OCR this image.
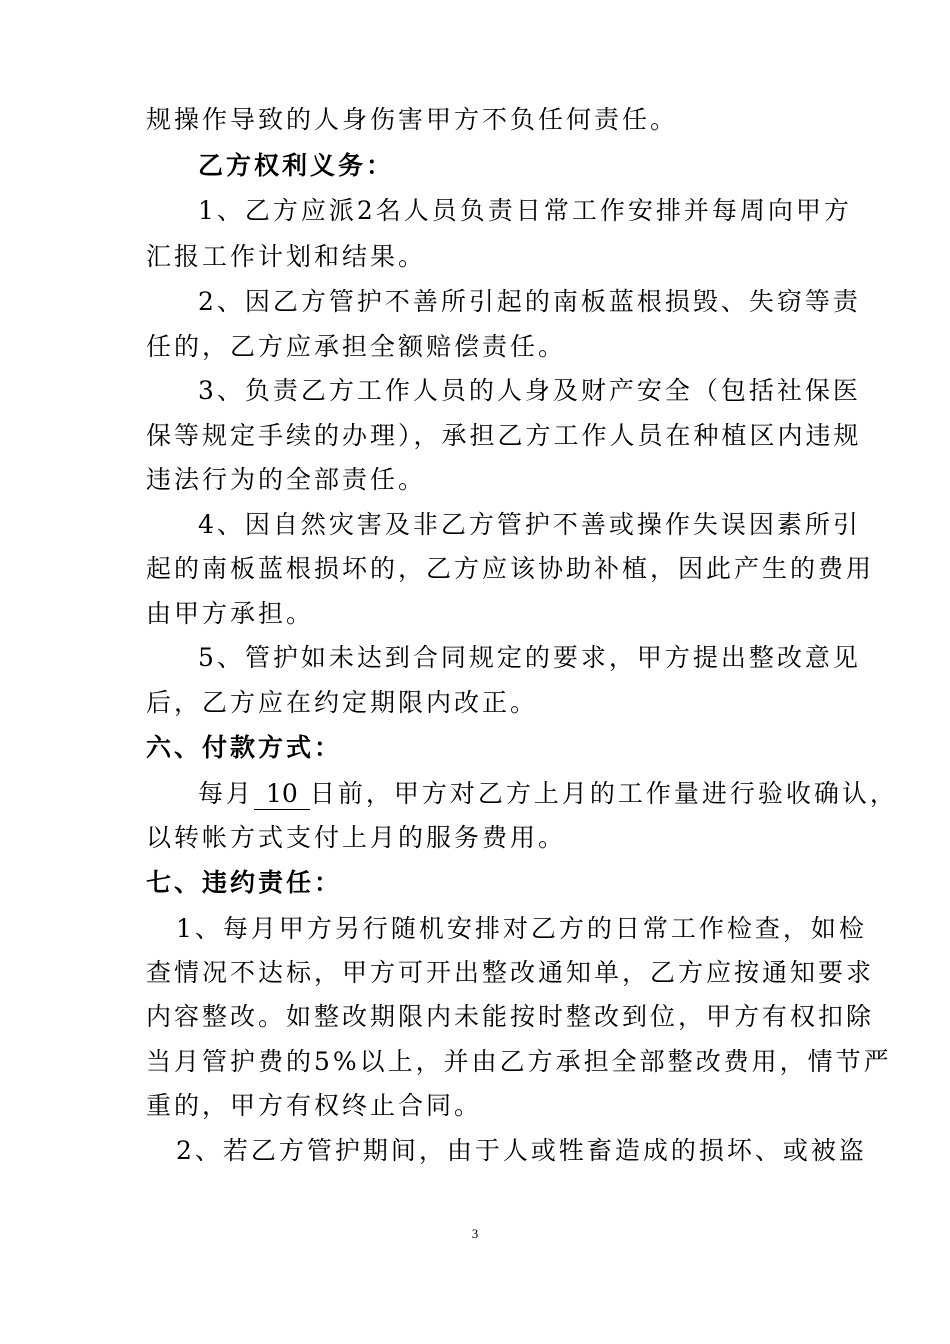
规操作导致的人身伤害甲方不负任何责任。
乙方权利义务：
1、乙方应派2名人员负责日常工作安排并每周向甲方
汇报工作计划和结果。
2、因乙方管护不善所引起的南板蓝根损毁、失窃等责
任的，乙方应承担全额赔偿责任。
3、负责乙方工作人员的人身及财产安全（包括社保医
保等规定手续的办理），承担乙方工作人员在种植区内违规
违法行为的全部责任。
4、因自然灾害及非乙方管护不善或操作失误因素所引
起的南板蓝根损坏的，乙方应该协助补植，因此产生的费用
由甲方承担。
5、管护如未达到合同规定的要求，甲方提出整改意见
后，乙方应在约定期限内改正。
六、付款方式：
每月 10 日前，甲方对乙方上月的工作量进行验收确认，
以转帐方式支付上月的服务费用。
七、违约责任：
1、每月甲方另行随机安排对乙方的日常工作检查，如检
查情况不达标，甲方可开出整改通知单，乙方应按通知要求
内容整改。如整改期限内未能按时整改到位，甲方有权扣除
当月管护费的5%以上，并由乙方承担全部整改费用，情节严
重的，甲方有权终止合同。
2、若乙方管护期间，由于人或牲畜造成的损坏、或被盗
3
